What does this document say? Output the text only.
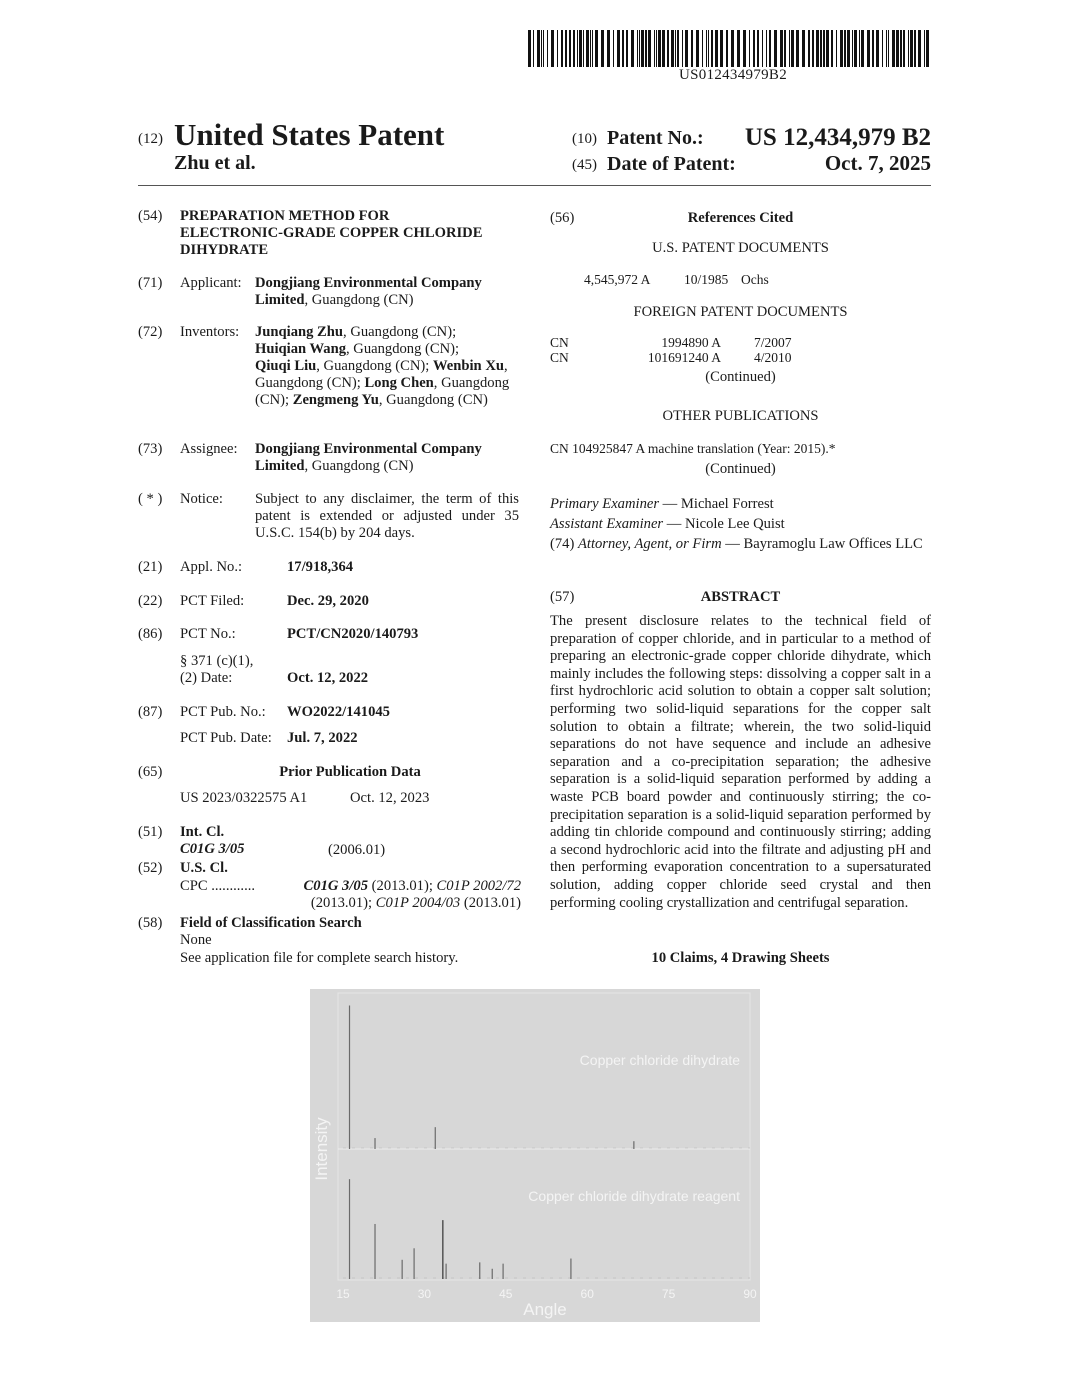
US012434979B2
(12) United States Patent
Zhu et al.
(10) Patent No.: US 12,434,979 B2
(45) Date of Patent:	Oct. 7, 2025
(54) PREPARATION METHOD FOR
ELECTRONIC-GRADE COPPER CHLORIDE
DIHYDRATE
(71) Applicant: Dongjiang Environmental Company
Limited, Guangdong (CN)
(72) Inventors: Junqiang Zhu, Guangdong (CN);
Huiqian Wang, Guangdong (CN);
Qiuqi Liu, Guangdong (CN); Wenbin Xu, Guangdong (CN); Long Chen, Guangdong (CN); Zengmeng Yu, Guangdong (CN)
(73) Assignee: Dongjiang Environmental Company
Limited, Guangdong (CN)
( * ) Notice: Subject to any disclaimer, the term of this patent is extended or adjusted under 35 U.S.C. 154(b) by 204 days.
(21) Appl. No.:	17/918,364
(22) PCT Filed:	Dec. 29, 2020
(86) PCT No.:	PCT/CN2020/140793
§ 371 (c)(1),
(2) Date:	Oct. 12, 2022
(87) PCT Pub. No.: WO2022/141045
PCT Pub. Date: Jul. 7, 2022
(65)	Prior Publication Data
US 2023/0322575 A1	Oct. 12, 2023
(51) Int. Cl.
C01G 3/05	(2006.01)
(52) U.S. Cl.
CPC ............	C01G 3/05 (2013.01); C01P 2002/72
(2013.01); C01P 2004/03 (2013.01)
(58) Field of Classification Search
None
See application file for complete search history.
(56)	References Cited
U.S. PATENT DOCUMENTS
4,545,972 A 10/1985 Ochs
FOREIGN PATENT DOCUMENTS
CN	1994890 A 7/2007
CN	101691240 A 4/2010
(Continued)
OTHER PUBLICATIONS
CN 104925847 A machine translation (Year: 2015).*
(Continued)
Primary Examiner — Michael Forrest
Assistant Examiner — Nicole Lee Quist
(74) Attorney, Agent, or Firm — Bayramoglu Law Offices LLC
(57)	ABSTRACT
The present disclosure relates to the technical field of preparation of copper chloride, and in particular to a method of preparing an electronic-grade copper chloride dihydrate, which mainly includes the following steps: dissolving a copper salt in a first hydrochloric acid solution to obtain a copper salt solution; performing two solid-liquid separations for the copper salt solution to obtain a filtrate; wherein, the two solid-liquid separations do not have sequence and include an adhesive separation and a co-precipitation separation; the adhesive separation is a solid-liquid separation performed by adding a waste PCB board powder and continuously stirring; the co-precipitation separation is a solid-liquid separation performed by adding tin chloride compound and continuously stirring; adding a second hydrochloric acid into the filtrate and adjusting pH and then performing evaporation concentration to a supersaturated solution, adding copper chloride seed crystal and then performing cooling crystallization and centrifugal separation.
10 Claims, 4 Drawing Sheets
15	30	45	60	75	90
Copper chloride dihydrate
Copper chloride dihydrate reagent
Angle
Intensity
